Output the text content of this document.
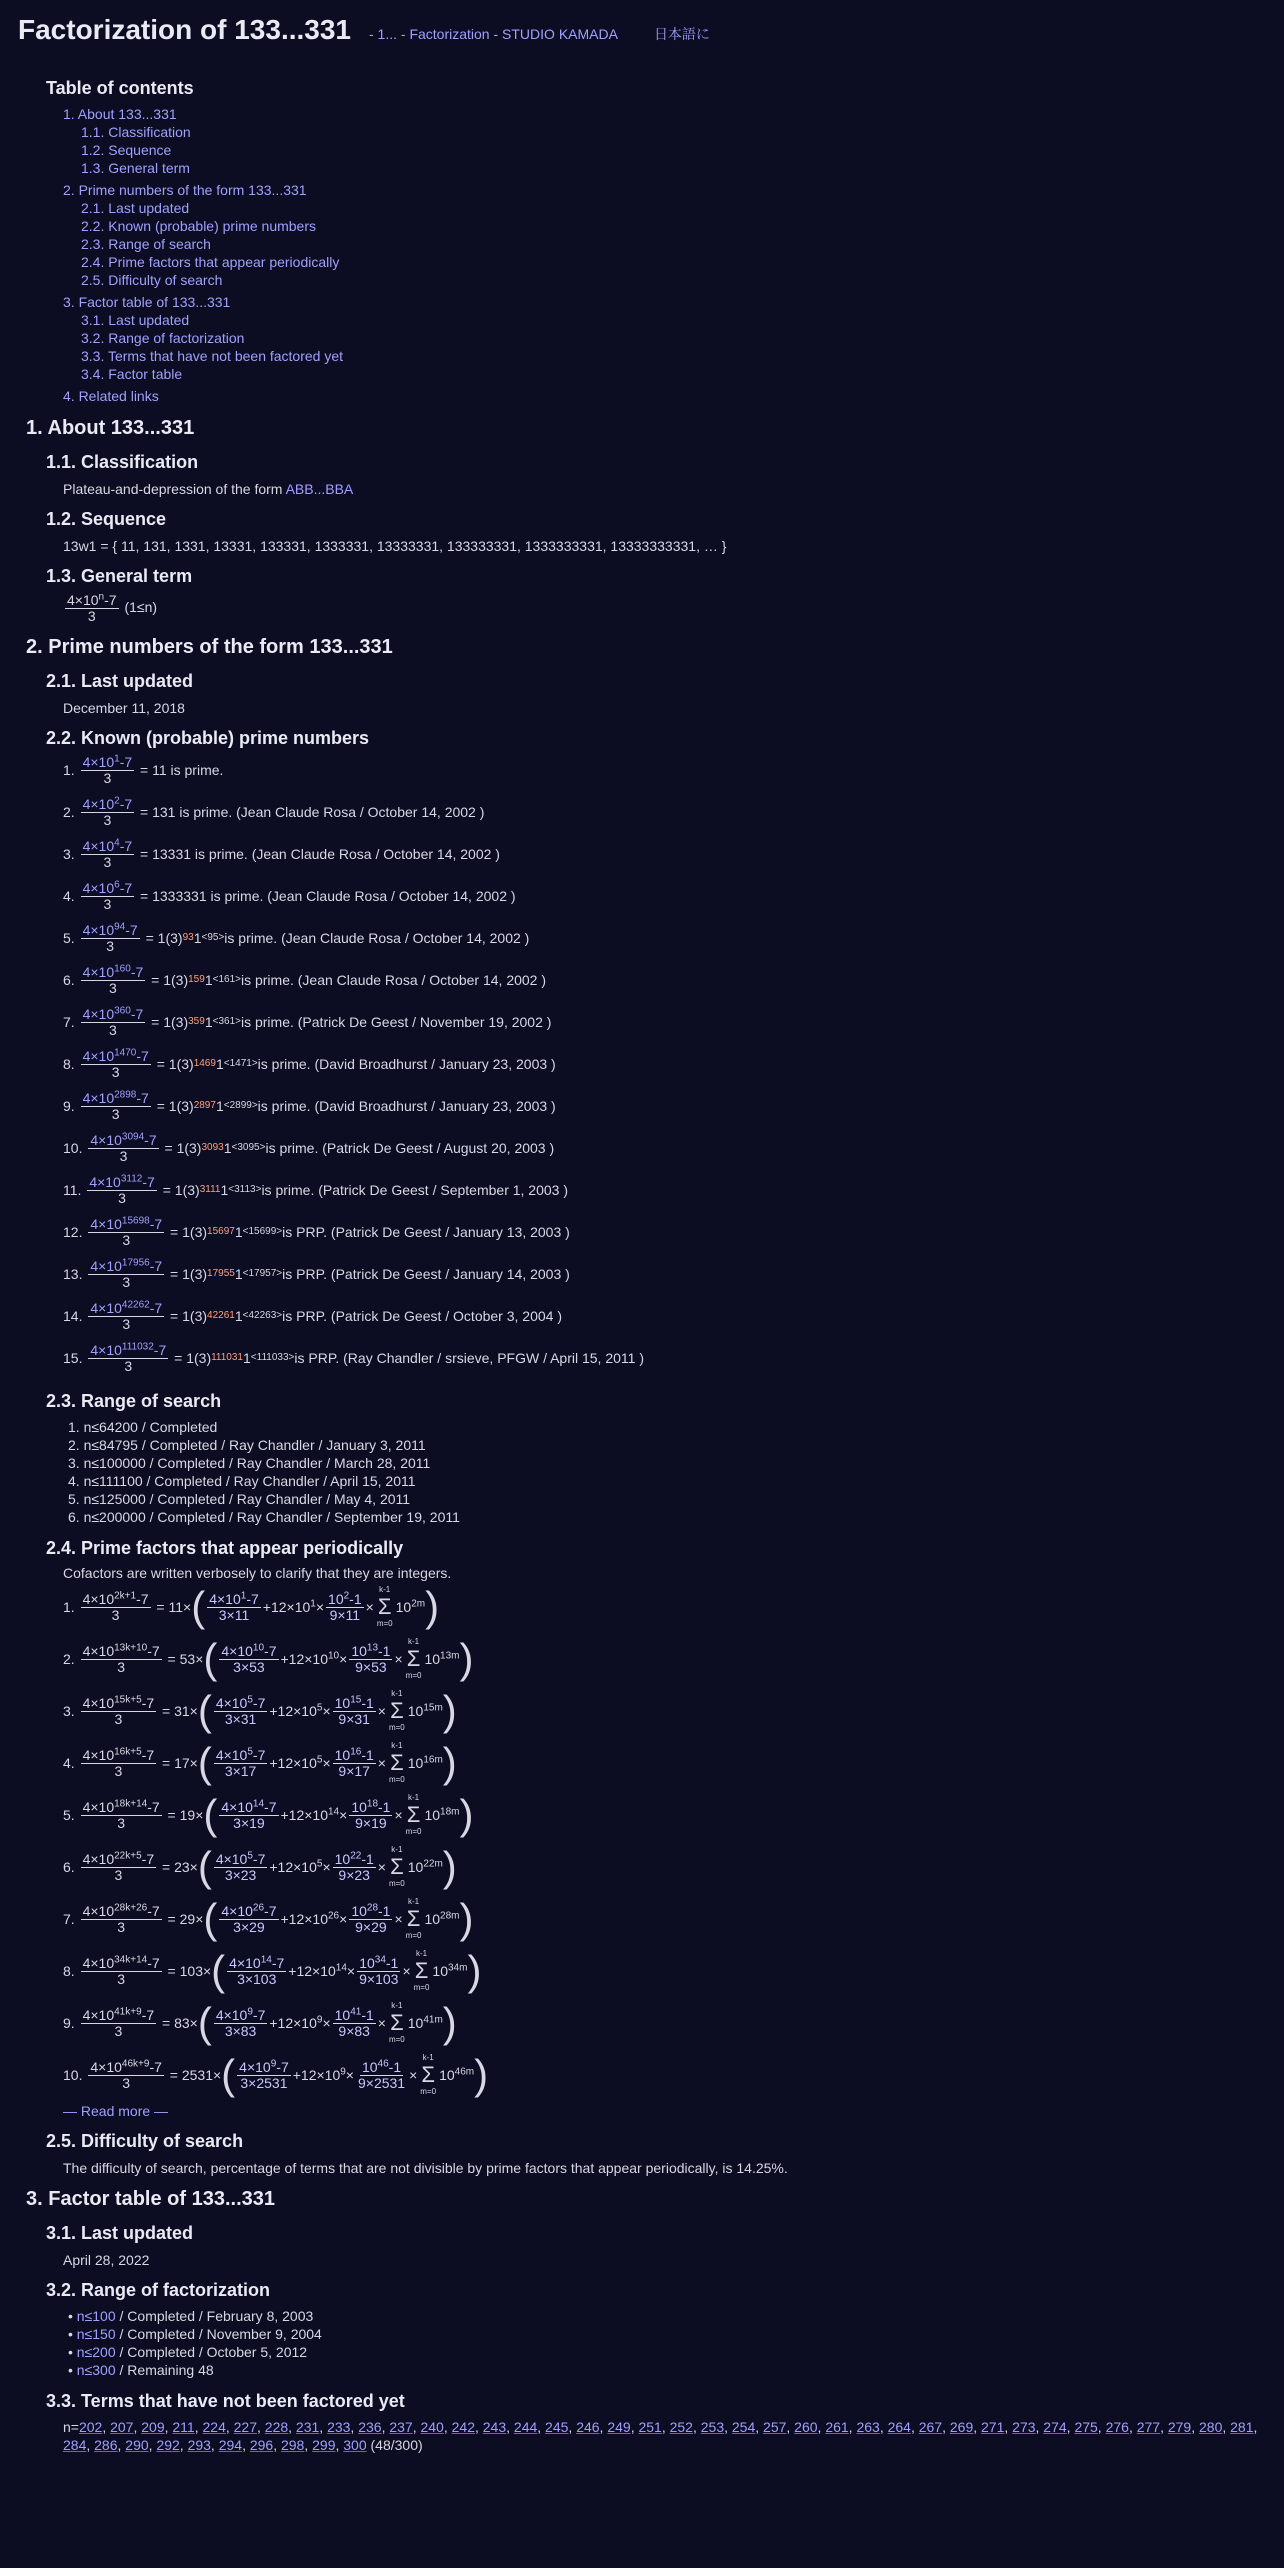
Factorization of 133...331 - 1... - Factorization - STUDIO KAMADA	日本語に
Table of contents
1. About 133...331
1.1. Classification
1.2. Sequence
1.3. General term
2. Prime numbers of the form 133...331
2.1. Last updated
2.2. Known (probable) prime numbers
2.3. Range of search
2.4. Prime factors that appear periodically
2.5. Difficulty of search
3. Factor table of 133...331
3.1. Last updated
3.2. Range of factorization
3.3. Terms that have not been factored yet
3.4. Factor table
4. Related links
1. About 133...331
1.1. Classification
Plateau-and-depression of the form ABB...BBA
1.2. Sequence
13w1 = { 11, 131, 1331, 13331, 133331, 1333331, 13333331, 133333331, 1333333331, 13333333331, … }
1.3. General term
$\frac{4\times 10^n-7}{3} (1\le n)$
2. Prime numbers of the form 133...331
2.1. Last updated
December 11, 2018
2.2. Known (probable) prime numbers
1. $\frac{4\times 10^1-7}{3} = 11$ is prime.
2. $\frac{4\times 10^2-7}{3} = 131$ is prime. (Jean Claude Rosa / October 14, 2002 )
3. $\frac{4\times 10^4-7}{3} = 13331$ is prime. (Jean Claude Rosa / October 14, 2002 )
4. $\frac{4\times 10^6-7}{3} = 1333331$ is prime. (Jean Claude Rosa / October 14, 2002 )
5. $\frac{4\times 10^{94}-7}{3} = 1(3)$ 93 1 <95> is prime. (Jean Claude Rosa / October 14, 2002 )
6. $\frac{4\times 10^{160}-7}{3} = 1(3)$ 159 1 <161> is prime. (Jean Claude Rosa / October 14, 2002 )
7. $\frac{4\times 10^{360}-7}{3} = 1(3)$ 359 1 <361> is prime. (Patrick De Geest / November 19, 2002 )
8. $\frac{4\times 10^{1470}-7}{3} = 1(3)$ 1469 1 <1471> is prime. (David Broadhurst / January 23, 2003 )
9. $\frac{4\times 10^{2898}-7}{3} = 1(3)$ 2897 1 <2899> is prime. (David Broadhurst / January 23, 2003 )
10. $\frac{4\times 10^{3094}-7}{3} = 1(3)$ 3093 1 <3095> is prime. (Patrick De Geest / August 20, 2003 )
11. $\frac{4\times 10^{3112}-7}{3} = 1(3)$ 3111 1 <3113> is prime. (Patrick De Geest / September 1, 2003 )
12. $\frac{4\times 10^{15698}-7}{3} = 1(3)$ 15697 1 <15699> is PRP. (Patrick De Geest / January 13, 2003 )
13. $\frac{4\times 10^{17956}-7}{3} = 1(3)$ 17955 1 <17957> is PRP. (Patrick De Geest / January 14, 2003 )
14. $\frac{4\times 10^{42262}-7}{3} = 1(3)$ 42261 1 <42263> is PRP. (Patrick De Geest / October 3, 2004 )
15. $\frac{4\times 10^{111032}-7}{3} = 1(3)$ 111031 1 <111033> is PRP. (Ray Chandler / srsieve, PFGW / April 15, 2011 )
2.3. Range of search
1. n≤64200 / Completed
2. n≤84795 / Completed / Ray Chandler / January 3, 2011
3. n≤100000 / Completed / Ray Chandler / March 28, 2011
4. n≤111100 / Completed / Ray Chandler / April 15, 2011
5. n≤125000 / Completed / Ray Chandler / May 4, 2011
6. n≤200000 / Completed / Ray Chandler / September 19, 2011
2.4. Prime factors that appear periodically
Cofactors are written verbosely to clarify that they are integers.
1. $\frac{4\times 10^{2k+1}-7}{3} = 11\times$ ( $\frac{4\times 10^1-7}{3\times 11} +12\times 10^1\times \frac{10^2-1}{9\times 11}$ ×
k-1
Σ
m=0
$10^{2m}$ )
2. $\frac{4\times 10^{13k+10}-7}{3} = 53\times$ ( $\frac{4\times 10^{10}-7}{3\times 53} +12\times 10^{10}\times \frac{10^{13}-1}{9\times 53}$ ×
k-1
Σ
m=0
$10^{13m}$ )
3. $\frac{4\times 10^{15k+5}-7}{3} = 31\times$ ( $\frac{4\times 10^5-7}{3\times 31} +12\times 10^5\times \frac{10^{15}-1}{9\times 31}$ ×
k-1
Σ
m=0
$10^{15m}$ )
4. $\frac{4\times 10^{16k+5}-7}{3} = 17\times$ ( $\frac{4\times 10^5-7}{3\times 17} +12\times 10^5\times \frac{10^{16}-1}{9\times 17}$ ×
k-1
Σ
m=0
$10^{16m}$ )
5. $\frac{4\times 10^{18k+14}-7}{3} = 19\times$ ( $\frac{4\times 10^{14}-7}{3\times 19} +12\times 10^{14}\times \frac{10^{18}-1}{9\times 19}$ ×
k-1
Σ
m=0
$10^{18m}$ )
6. $\frac{4\times 10^{22k+5}-7}{3} = 23\times$ ( $\frac{4\times 10^5-7}{3\times 23} +12\times 10^5\times \frac{10^{22}-1}{9\times 23}$ ×
k-1
Σ
m=0
$10^{22m}$ )
7. $\frac{4\times 10^{28k+26}-7}{3} = 29\times$ ( $\frac{4\times 10^{26}-7}{3\times 29} +12\times 10^{26}\times \frac{10^{28}-1}{9\times 29}$ ×
k-1
Σ
m=0
$10^{28m}$ )
8. $\frac{4\times 10^{34k+14}-7}{3} = 103\times$ ( $\frac{4\times 10^{14}-7}{3\times 103} +12\times 10^{14}\times \frac{10^{34}-1}{9\times 103}$ ×
k-1
Σ
m=0
$10^{34m}$ )
9. $\frac{4\times 10^{41k+9}-7}{3} = 83\times$ ( $\frac{4\times 10^9-7}{3\times 83} +12\times 10^9\times \frac{10^{41}-1}{9\times 83}$ ×
k-1
Σ
m=0
$10^{41m}$ )
10. $\frac{4\times 10^{46k+9}-7}{3} = 2531\times$ ( $\frac{4\times 10^9-7}{3\times 2531} +12\times 10^9\times \frac{10^{46}-1}{9\times 2531}$ ×
k-1
Σ
m=0
$10^{46m}$ )
— Read more —
2.5. Difficulty of search
The difficulty of search, percentage of terms that are not divisible by prime factors that appear periodically, is 14.25%.
3. Factor table of 133...331
3.1. Last updated
April 28, 2022
3.2. Range of factorization
• n≤100 / Completed / February 8, 2003
• n≤150 / Completed / November 9, 2004
• n≤200 / Completed / October 5, 2012
• n≤300 / Remaining 48
3.3. Terms that have not been factored yet
n=202, 207, 209, 211, 224, 227, 228, 231, 233, 236, 237, 240, 242, 243, 244, 245, 246, 249, 251, 252, 253, 254, 257, 260, 261, 263, 264, 267, 269, 271, 273, 274, 275, 276, 277, 279, 280, 281, 284, 286, 290, 292, 293, 294, 296, 298, 299, 300 (48/300)
